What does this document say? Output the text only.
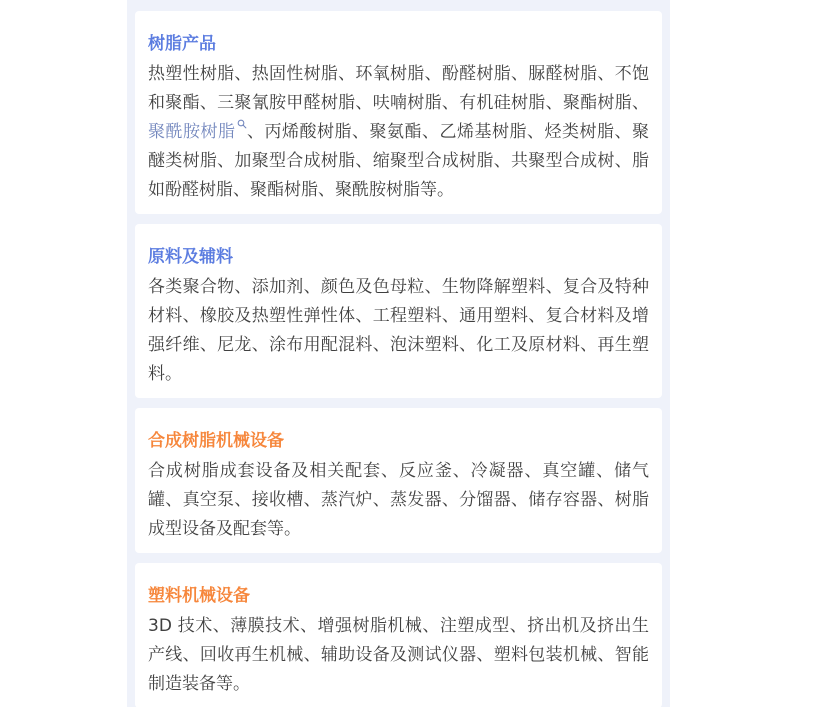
树脂产品

热塑性树脂、热固性树脂、环氧树脂、酚醛树脂、脲醛树脂、不饱和聚酯、三聚氰胺甲醛树脂、呋喃树脂、有机硅树脂、聚酯树脂、聚酰胺树脂 、丙烯酸树脂、聚氨酯、乙烯基树脂、烃类树脂、聚醚类树脂、加聚型合成树脂、缩聚型合成树脂、共聚型合成树、脂如酚醛树脂、聚酯树脂、聚酰胺树脂等。

原料及辅料

各类聚合物、添加剂、颜色及色母粒、生物降解塑料、复合及特种材料、橡胶及热塑性弹性体、工程塑料、通用塑料、复合材料及增强纤维、尼龙、涂布用配混料、泡沫塑料、化工及原材料、再生塑料。

合成树脂机械设备

合成树脂成套设备及相关配套、反应釜、冷凝器、真空罐、储气罐、真空泵、接收槽、蒸汽炉、蒸发器、分馏器、储存容器、树脂成型设备及配套等。

塑料机械设备

3D 技术、薄膜技术、增强树脂机械、注塑成型、挤出机及挤出生产线、回收再生机械、辅助设备及测试仪器、塑料包装机械、智能制造装备等。
